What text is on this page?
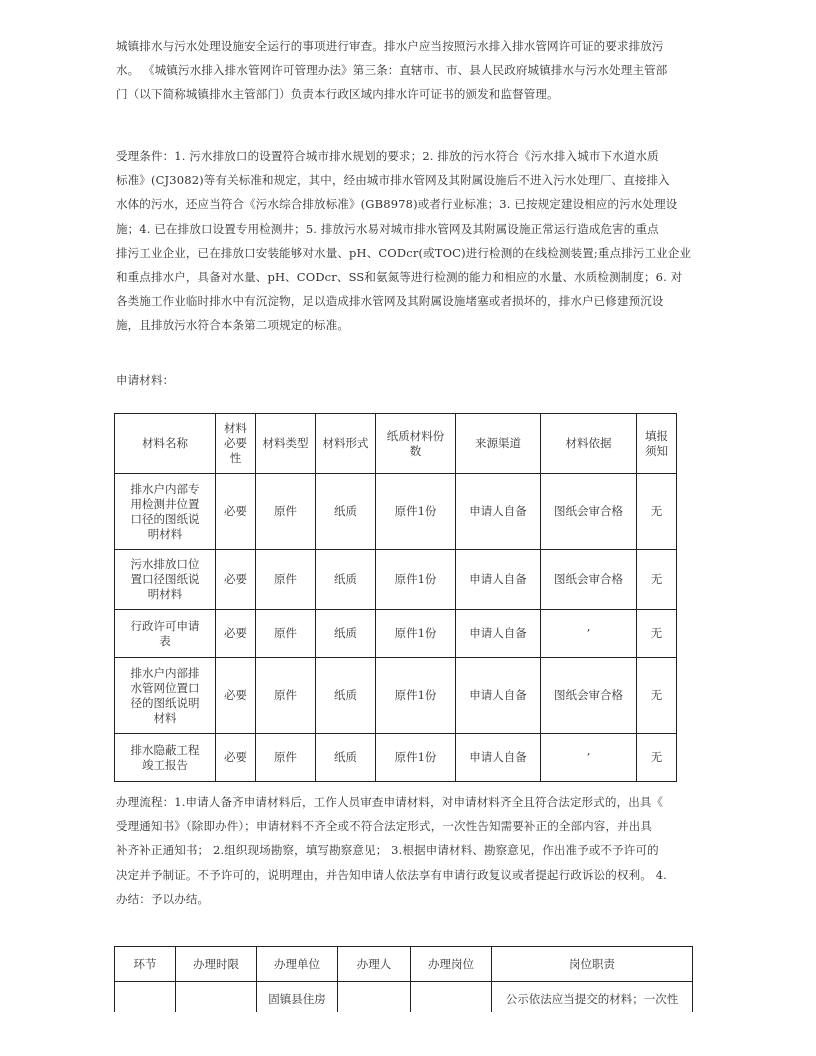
城镇排水与污水处理设施安全运行的事项进行审查。排水户应当按照污水排入排水管网许可证的要求排放污
水。 《城镇污水排入排水管网许可管理办法》第三条：直辖市、市、县人民政府城镇排水与污水处理主管部
门（以下简称城镇排水主管部门）负责本行政区域内排水许可证书的颁发和监督管理。
受理条件：1. 污水排放口的设置符合城市排水规划的要求；2. 排放的污水符合《污水排入城市下水道水质
标准》(CJ3082)等有关标准和规定，其中，经由城市排水管网及其附属设施后不进入污水处理厂、直接排入
水体的污水，还应当符合《污水综合排放标准》(GB8978)或者行业标准；3. 已按规定建设相应的污水处理设
施；4. 已在排放口设置专用检测井；5. 排放污水易对城市排水管网及其附属设施正常运行造成危害的重点
排污工业企业，已在排放口安装能够对水量、pH、CODcr(或TOC)进行检测的在线检测装置;重点排污工业企业
和重点排水户，具备对水量、pH、CODcr、SS和氨氮等进行检测的能力和相应的水量、水质检测制度；6. 对
各类施工作业临时排水中有沉淀物，足以造成排水管网及其附属设施堵塞或者损坏的，排水户已修建预沉设
施，且排放污水符合本条第二项规定的标准。
申请材料：
材料名称	材料必要性	材料类型	材料形式	纸质材料份数	来源渠道	材料依据	填报须知
排水户内部专用检测井位置口径的图纸说明材料	必要	原件	纸质	原件1份	申请人自备	图纸会审合格	无
污水排放口位置口径图纸说明材料	必要	原件	纸质	原件1份	申请人自备	图纸会审合格	无
行政许可申请表	必要	原件	纸质	原件1份	申请人自备	’	无
排水户内部排水管网位置口径的图纸说明材料	必要	原件	纸质	原件1份	申请人自备	图纸会审合格	无
排水隐蔽工程竣工报告	必要	原件	纸质	原件1份	申请人自备	’	无
办理流程：1.申请人备齐申请材料后，工作人员审查申请材料，对申请材料齐全且符合法定形式的，出具《
受理通知书》（除即办件）；申请材料不齐全或不符合法定形式，一次性告知需要补正的全部内容，并出具
补齐补正通知书； 2.组织现场勘察，填写勘察意见； 3.根据申请材料、勘察意见，作出准予或不予许可的
决定并予制证。不予许可的，说明理由，并告知申请人依法享有申请行政复议或者提起行政诉讼的权利。 4.
办结：予以办结。
环节	办理时限	办理单位	办理人	办理岗位	岗位职责
		固镇县住房			公示依法应当提交的材料；一次性
